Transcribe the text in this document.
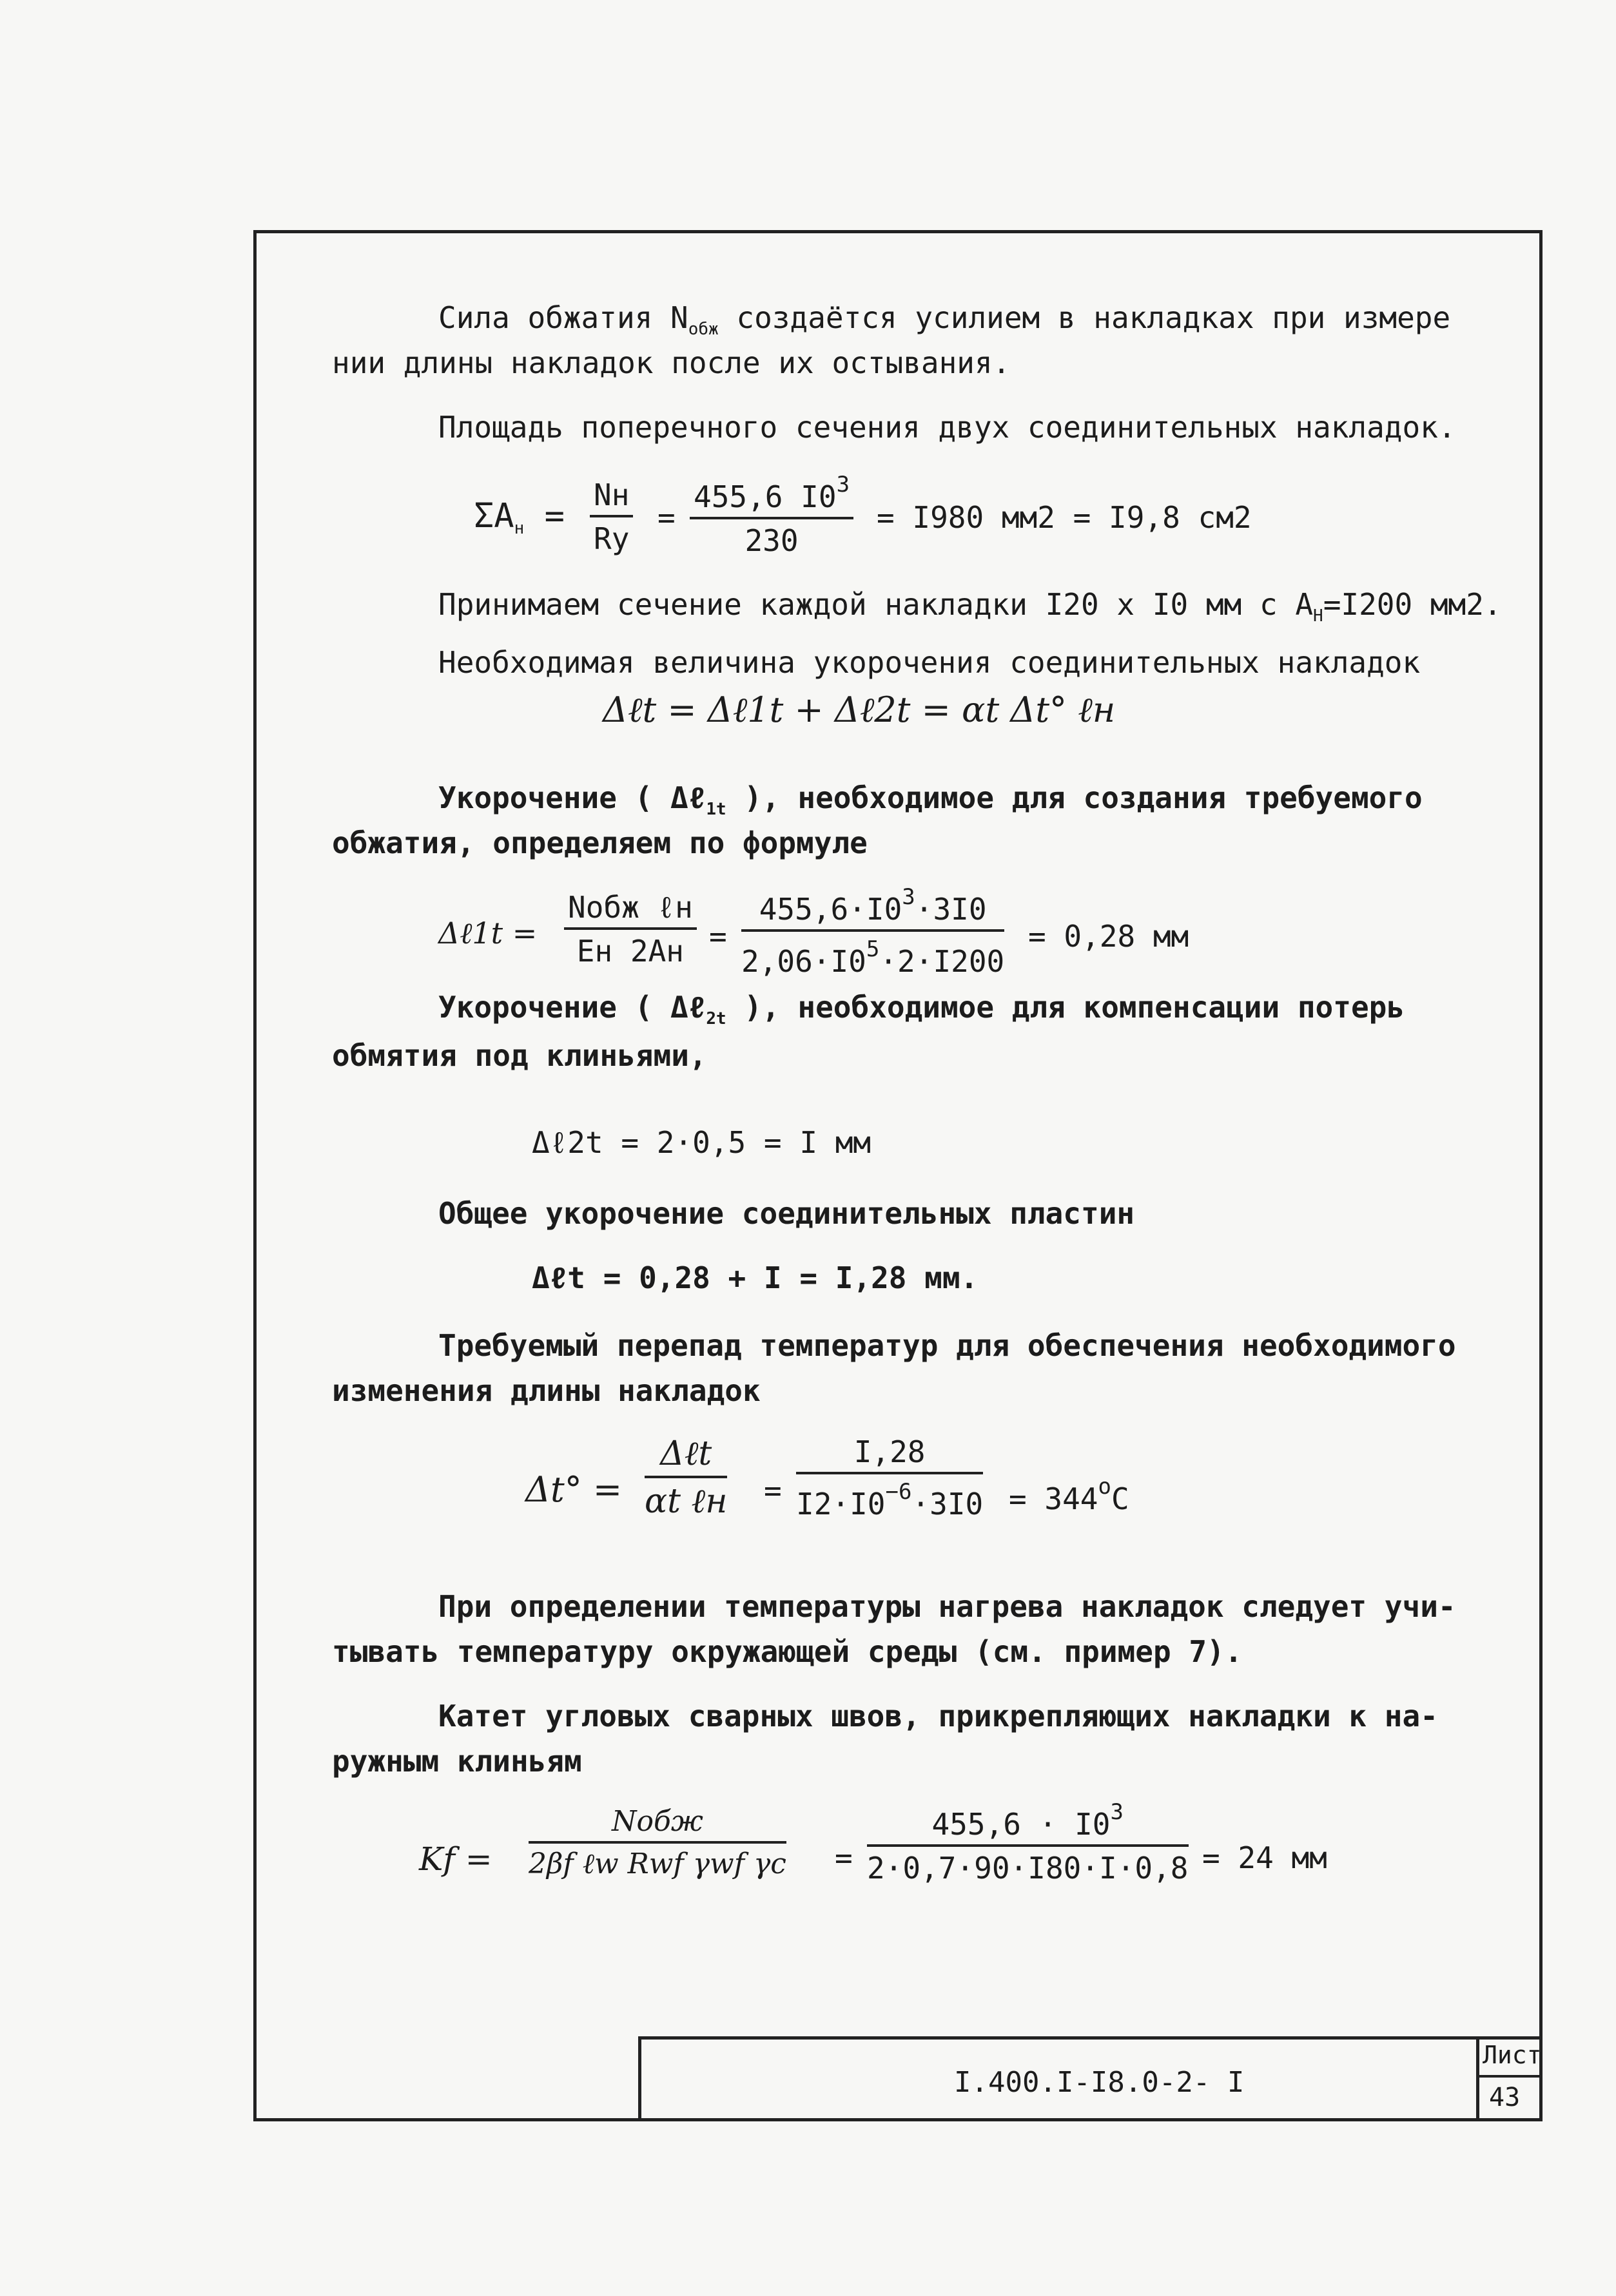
Сила обжатия $N_{обж}$ создаётся усилием в накладках при измере
нии длины накладок после их остывания.
Площадь поперечного сечения двух соединительных накладок.
$\Sigma A_н$ =
Nн
Ry
= $\frac{455,6 I0^3}{230} = I980$ мм2 = I9,8 см2
Принимаем сечение каждой накладки I20 x I0 мм с $A_Н=I200$ мм2.
Необходимая величина укорочения соединительных накладок
Δℓt = Δℓ1t + Δℓ2t = αt Δt° ℓн
Укорочение ( Δℓ$_{1t}$ ), необходимое для создания требуемого
обжатия, определяем по формуле
Δℓ1t =
Nобж ℓн
Eн $2Aн = \frac{455,6\cdot I0^3\cdot 3I0}{2,06\cdot I0^5\cdot 2\cdot I200} = 0,28$ мм
Укорочение ( Δℓ$_{2t}$ ), необходимое для компенсации потерь
обмятия под клиньями,
Δℓ2t = 2·0,5 = I мм
Общее укорочение соединительных пластин
Δℓt = 0,28 + I = I,28 мм.
Требуемый перепад температур для обеспечения необходимого
изменения длины накладок
Δt° =
Δℓt
αt ℓн = $\frac{I,28}{I2\cdot I0^{-6}\cdot 3I0} = 344^oC$
При определении температуры нагрева накладок следует учи-
тывать температуру окружающей среды (см. пример 7).
Катет угловых сварных швов, прикрепляющих накладки к на-
ружным клиньям
Kf =
Nобж
2βf ℓw Rwf γwf $\gamma c = \frac{455,6 \cdot I0^3}{2\cdot 0,7\cdot 90\cdot I80\cdot I\cdot 0,8} = 24$ мм
I.400.I-I8.0-2- I
Лист
43
